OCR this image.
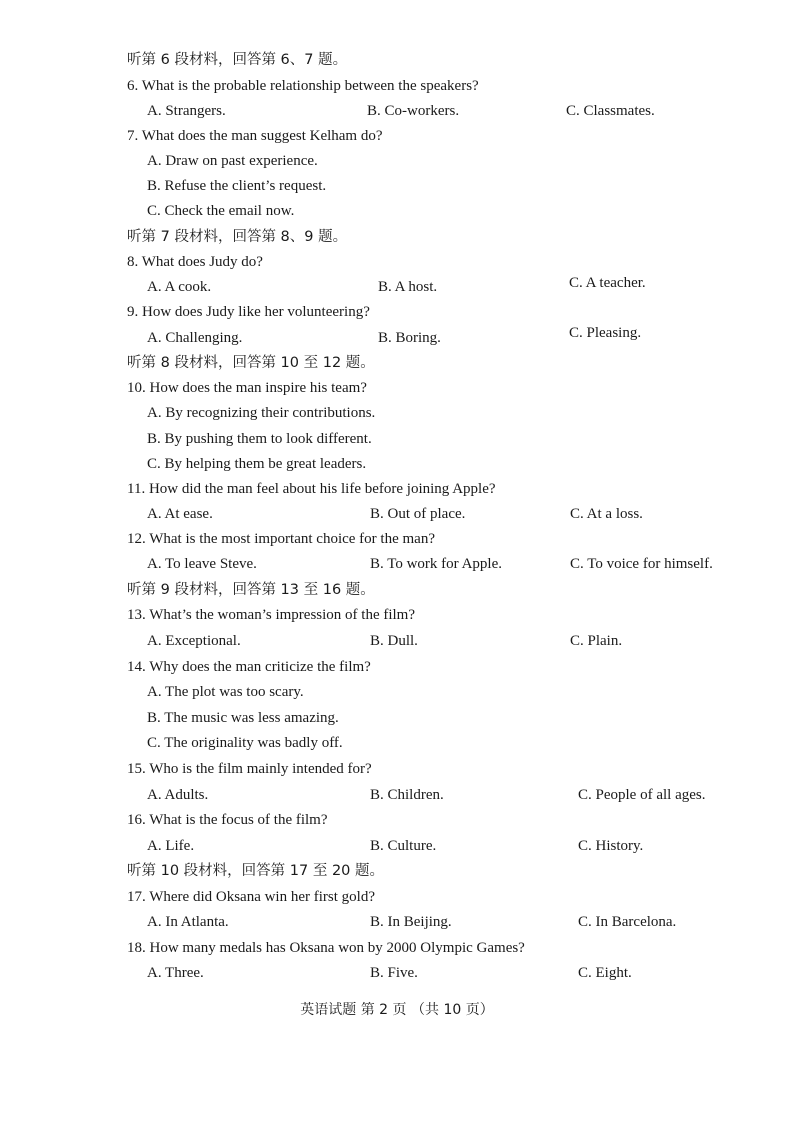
听第 6 段材料，回答第 6、7 题。
6. What is the probable relationship between the speakers?
A. Strangers.	B. Co-workers.	C. Classmates.
7. What does the man suggest Kelham do?
A. Draw on past experience.
B. Refuse the client’s request.
C. Check the email now.
听第 7 段材料，回答第 8、9 题。
8. What does Judy do?
A. A cook.	B. A host.	C. A teacher.
9. How does Judy like her volunteering?
A. Challenging.	B. Boring.	C. Pleasing.
听第 8 段材料，回答第 10 至 12 题。
10. How does the man inspire his team?
A. By recognizing their contributions.
B. By pushing them to look different.
C. By helping them be great leaders.
11. How did the man feel about his life before joining Apple?
A. At ease.	B. Out of place.	C. At a loss.
12. What is the most important choice for the man?
A. To leave Steve.	B. To work for Apple.	C. To voice for himself.
听第 9 段材料，回答第 13 至 16 题。
13. What’s the woman’s impression of the film?
A. Exceptional.	B. Dull.	C. Plain.
14. Why does the man criticize the film?
A. The plot was too scary.
B. The music was less amazing.
C. The originality was badly off.
15. Who is the film mainly intended for?
A. Adults.	B. Children.	C. People of all ages.
16. What is the focus of the film?
A. Life.	B. Culture.	C. History.
听第 10 段材料，回答第 17 至 20 题。
17. Where did Oksana win her first gold?
A. In Atlanta.	B. In Beijing.	C. In Barcelona.
18. How many medals has Oksana won by 2000 Olympic Games?
A. Three.	B. Five.	C. Eight.
英语试题 第 2 页 （共 10 页）
